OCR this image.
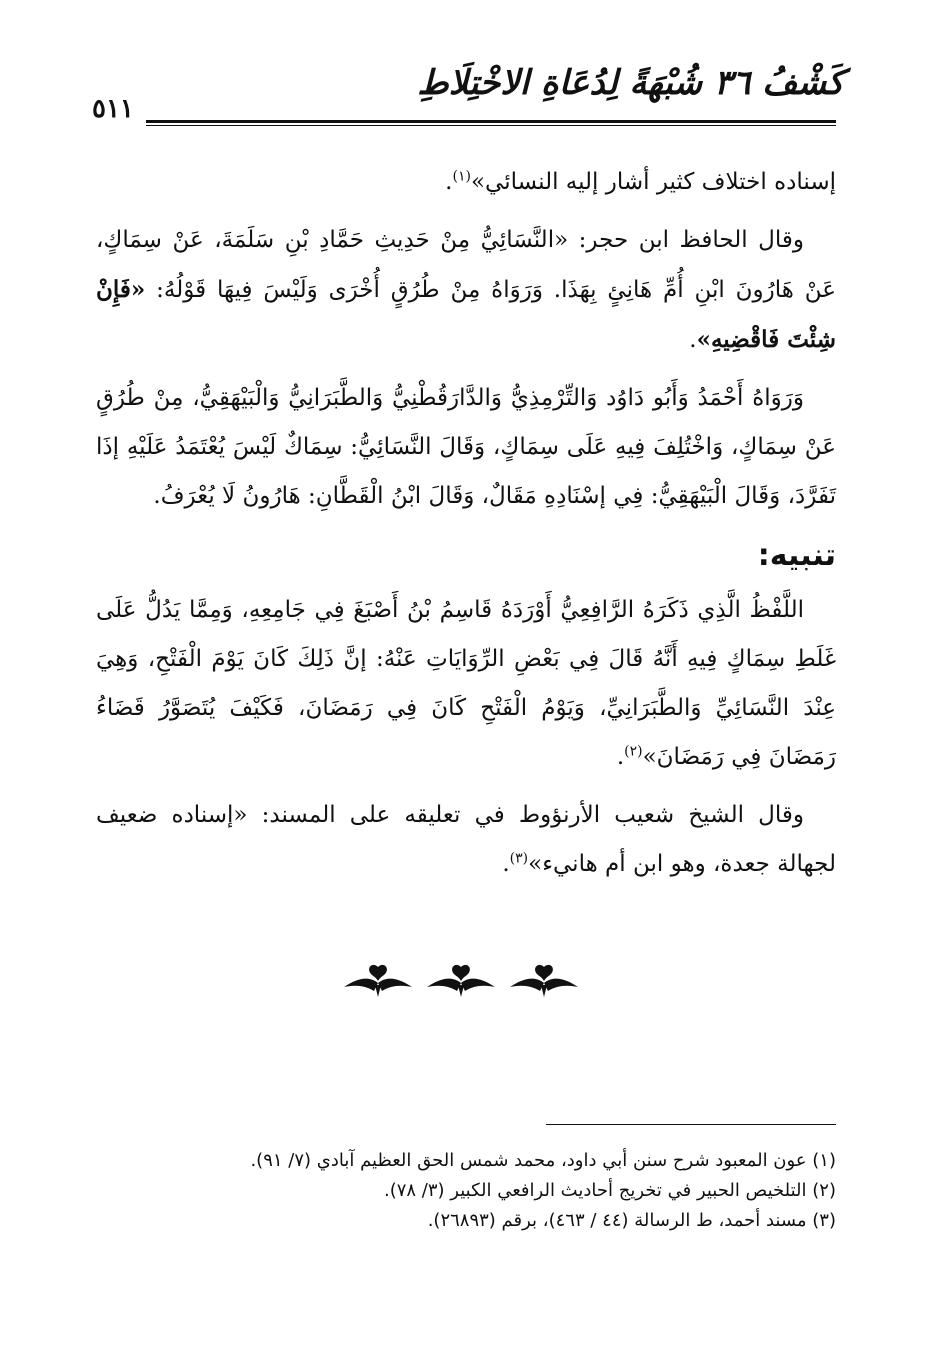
كَشْفُ ٣٦ شُبْهَةً لِدُعَاةِ الاخْتِلَاطِ
٥١١

إسناده اختلاف كثير أشار إليه النسائي»$^{(١)}$.

وقال الحافظ ابن حجر: «النَّسَائِيُّ مِنْ حَدِيثِ حَمَّادِ بْنِ سَلَمَةَ، عَنْ سِمَاكٍ، عَنْ هَارُونَ ابْنِ أُمِّ هَانِئٍ بِهَذَا. وَرَوَاهُ مِنْ طُرُقٍ أُخْرَى وَلَيْسَ فِيهَا قَوْلُهُ: «فَإِنْ شِئْتَ فَاقْضِيهِ».

وَرَوَاهُ أَحْمَدُ وَأَبُو دَاوُد وَالتِّرْمِذِيُّ وَالدَّارَقُطْنِيُّ وَالطَّبَرَانِيُّ وَالْبَيْهَقِيُّ، مِنْ طُرُقٍ عَنْ سِمَاكٍ، وَاخْتُلِفَ فِيهِ عَلَى سِمَاكٍ، وَقَالَ النَّسَائِيُّ: سِمَاكٌ لَيْسَ يُعْتَمَدُ عَلَيْهِ إذَا تَفَرَّدَ، وَقَالَ الْبَيْهَقِيُّ: فِي إسْنَادِهِ مَقَالٌ، وَقَالَ ابْنُ الْقَطَّانِ: هَارُونُ لَا يُعْرَفُ.

تنبيه:

اللَّفْظُ الَّذِي ذَكَرَهُ الرَّافِعِيُّ أَوْرَدَهُ قَاسِمُ بْنُ أَصْبَغَ فِي جَامِعِهِ، وَمِمَّا يَدُلُّ عَلَى غَلَطِ سِمَاكٍ فِيهِ أَنَّهُ قَالَ فِي بَعْضِ الرِّوَايَاتِ عَنْهُ: إنَّ ذَلِكَ كَانَ يَوْمَ الْفَتْحِ، وَهِيَ عِنْدَ النَّسَائِيِّ وَالطَّبَرَانِيِّ، وَيَوْمُ الْفَتْحِ كَانَ فِي رَمَضَانَ، فَكَيْفَ يُتَصَوَّرُ قَضَاءُ رَمَضَانَ فِي رَمَضَانَ»$^{(٢)}$.

وقال الشيخ شعيب الأرنؤوط في تعليقه على المسند: «إسناده ضعيف لجهالة جعدة، وهو ابن أم هانيء»$^{(٣)}$.

(١) عون المعبود شرح سنن أبي داود، محمد شمس الحق العظيم آبادي (٧/ ٩١).

(٢) التلخيص الحبير في تخريج أحاديث الرافعي الكبير (٣/ ٧٨).

(٣) مسند أحمد، ط الرسالة (٤٤ / ٤٦٣)، برقم (٢٦٨٩٣).
